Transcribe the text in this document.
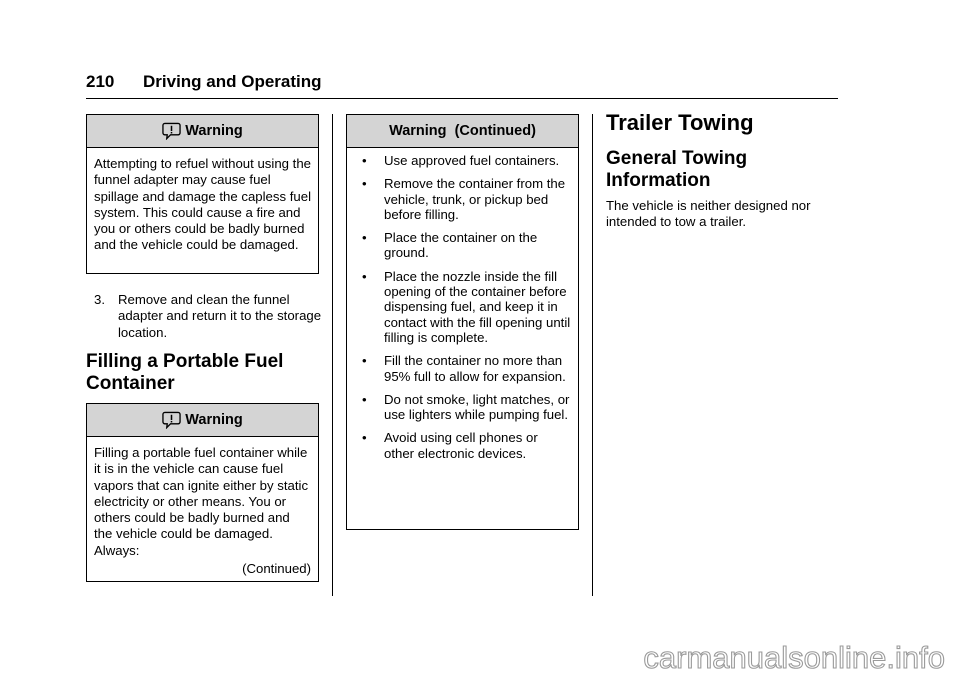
210 Driving and Operating
Warning
Attempting to refuel without using the funnel adapter may cause fuel spillage and damage the capless fuel system. This could cause a fire and you or others could be badly burned and the vehicle could be damaged.
3. Remove and clean the funnel adapter and return it to the storage location.
Filling a Portable Fuel Container
Warning
Filling a portable fuel container while it is in the vehicle can cause fuel vapors that can ignite either by static electricity or other means. You or others could be badly burned and the vehicle could be damaged. Always:
(Continued)
Warning  (Continued)
• Use approved fuel containers.
• Remove the container from the vehicle, trunk, or pickup bed before filling.
• Place the container on the ground.
• Place the nozzle inside the fill opening of the container before dispensing fuel, and keep it in contact with the fill opening until filling is complete.
• Fill the container no more than 95% full to allow for expansion.
• Do not smoke, light matches, or use lighters while pumping fuel.
• Avoid using cell phones or other electronic devices.
Trailer Towing
General Towing Information
The vehicle is neither designed nor intended to tow a trailer.
carmanualsonline.info
